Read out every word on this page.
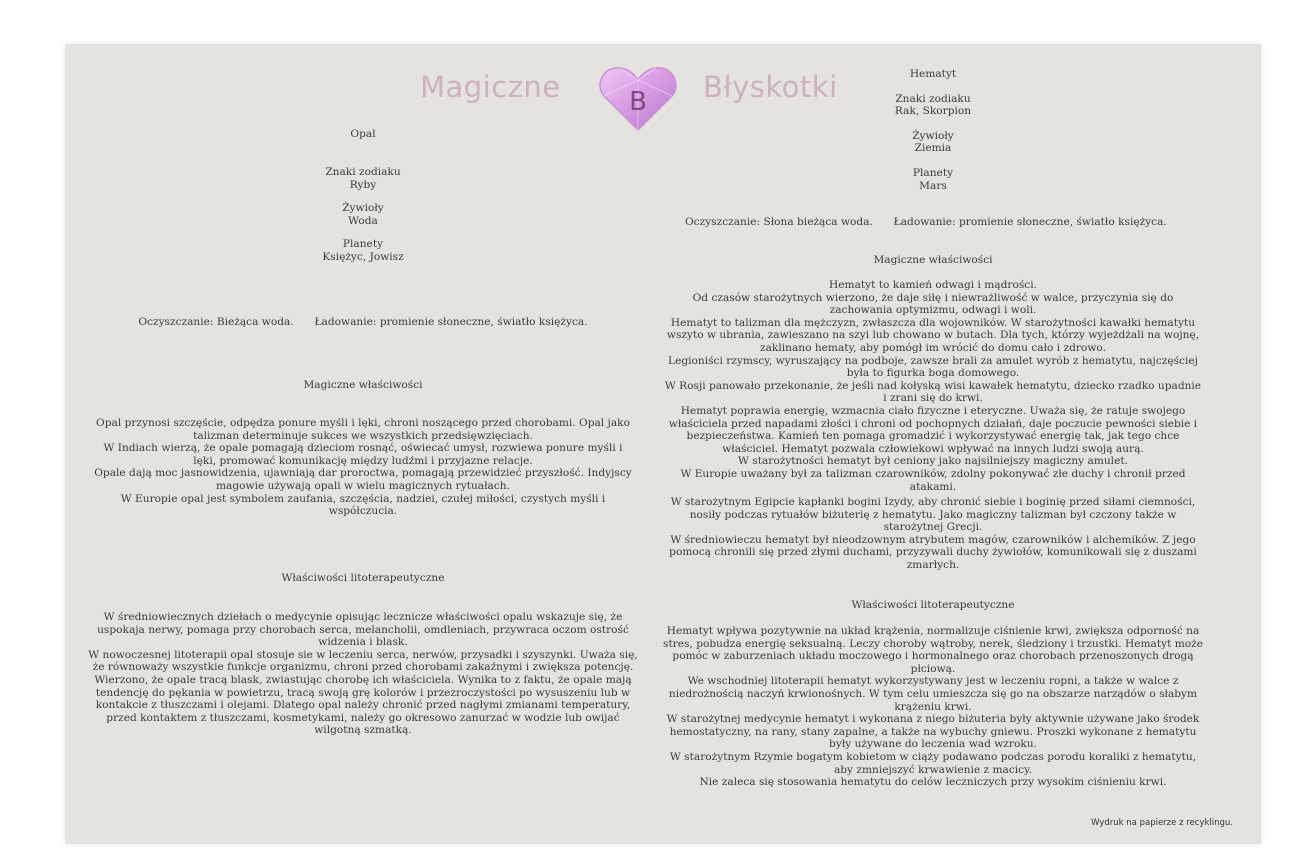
Magiczne	B Błyskotki

Opal

Znaki zodiaku

Ryby

Żywioły

Woda

Planety

Księżyc, Jowisz

Oczyszczanie: Bieżąca woda. Ładowanie: promienie słoneczne, światło księżyca.
Magiczne właściwości

Opal przynosi szczęście, odpędza ponure myśli i lęki, chroni noszącego przed chorobami. Opal jako

talizman determinuje sukces we wszystkich przedsięwzięciach.

W Indiach wierzą, że opale pomagają dzieciom rosnąć, oświecać umysł, rozwiewa ponure myśli i

lęki, promować komunikację między ludźmi i przyjazne relacje.

Opale dają moc jasnowidzenia, ujawniają dar proroctwa, pomagają przewidzieć przyszłość. Indyjscy

magowie używają opali w wielu magicznych rytuałach.

W Europie opal jest symbolem zaufania, szczęścia, nadziei, czułej miłości, czystych myśli i

współczucia.

Właściwości litoterapeutyczne

W średniowiecznych dziełach o medycynie opisując lecznicze właściwości opalu wskazuje się, że

uspokaja nerwy, pomaga przy chorobach serca, melancholii, omdleniach, przywraca oczom ostrość

widzenia i blask.

W nowoczesnej litoterapii opal stosuje sie w leczeniu serca, nerwów, przysadki i szyszynki. Uważa się,

że równoważy wszystkie funkcje organizmu, chroni przed chorobami zakaźnymi i zwiększa potencję.

Wierzono, że opale tracą blask, zwiastując chorobę ich właściciela. Wynika to z faktu, że opale mają

tendencję do pękania w powietrzu, tracą swoją grę kolorów i przezroczystości po wysuszeniu lub w

kontakcie z tłuszczami i olejami. Dlatego opal należy chronić przed nagłymi zmianami temperatury,

przed kontaktem z tłuszczami, kosmetykami, należy go okresowo zanurzać w wodzie lub owijać

wilgotną szmatką.

Hematyt

Znaki zodiaku

Rak, Skorpion

Żywioły

Ziemia

Planety

Mars

Oczyszczanie: Słona bieżąca woda. Ładowanie: promienie słoneczne, światło księżyca.
Magiczne właściwości

Hematyt to kamień odwagi i mądrości.

Od czasów starożytnych wierzono, że daje siłę i niewrażliwość w walce, przyczynia się do

zachowania optymizmu, odwagi i woli.

Hematyt to talizman dla mężczyzn, zwłaszcza dla wojowników. W starożytności kawałki hematytu

wszyto w ubrania, zawieszano na szyi lub chowano w butach. Dla tych, którzy wyjeżdżali na wojnę,

zaklinano hematy, aby pomógł im wrócić do domu cało i zdrowo.

Legioniści rzymscy, wyruszający na podboje, zawsze brali za amulet wyrób z hematytu, najczęściej

była to figurka boga domowego.

W Rosji panowało przekonanie, że jeśli nad kołyską wisi kawałek hematytu, dziecko rzadko upadnie

i zrani się do krwi.

Hematyt poprawia energię, wzmacnia ciało fizyczne i eteryczne. Uważa się, że ratuje swojego

właściciela przed napadami złości i chroni od pochopnych działań, daje poczucie pewności siebie i

bezpieczeństwa. Kamień ten pomaga gromadzić i wykorzystywać energię tak, jak tego chce

właściciel. Hematyt pozwala człowiekowi wpływać na innych ludzi swoją aurą.

W starożytności hematyt był ceniony jako najsilniejszy magiczny amulet.

W Europie uważany był za talizman czarowników, zdolny pokonywać złe duchy i chronił przed

atakami.

W starożytnym Egipcie kapłanki bogini Izydy, aby chronić siebie i boginię przed siłami ciemności,

nosiły podczas rytuałów biżuterię z hematytu. Jako magiczny talizman był czczony także w

starożytnej Grecji.

W średniowieczu hematyt był nieodzownym atrybutem magów, czarowników i alchemików. Z jego

pomocą chronili się przed złymi duchami, przyzywali duchy żywiołów, komunikowali się z duszami

zmarłych.

Właściwości litoterapeutyczne

Hematyt wpływa pozytywnie na układ krążenia, normalizuje ciśnienie krwi, zwiększa odporność na

stres, pobudza energię seksualną. Leczy choroby wątroby, nerek, śledziony i trzustki. Hematyt może

pomóc w zaburzeniach układu moczowego i hormonalnego oraz chorobach przenoszonych drogą

płciową.

We wschodniej litoterapii hematyt wykorzystywany jest w leczeniu ropni, a także w walce z

niedrożnością naczyń krwionośnych. W tym celu umieszcza się go na obszarze narządów o słabym

krążeniu krwi.

W starożytnej medycynie hematyt i wykonana z niego biżuteria były aktywnie używane jako środek

hemostatyczny, na rany, stany zapalne, a także na wybuchy gniewu. Proszki wykonane z hematytu

były używane do leczenia wad wzroku.

W starożytnym Rzymie bogatym kobietom w ciąży podawano podczas porodu koraliki z hematytu,

aby zmniejszyć krwawienie z macicy.

Nie zaleca się stosowania hematytu do celów leczniczych przy wysokim ciśnieniu krwi.

Wydruk na papierze z recyklingu.
